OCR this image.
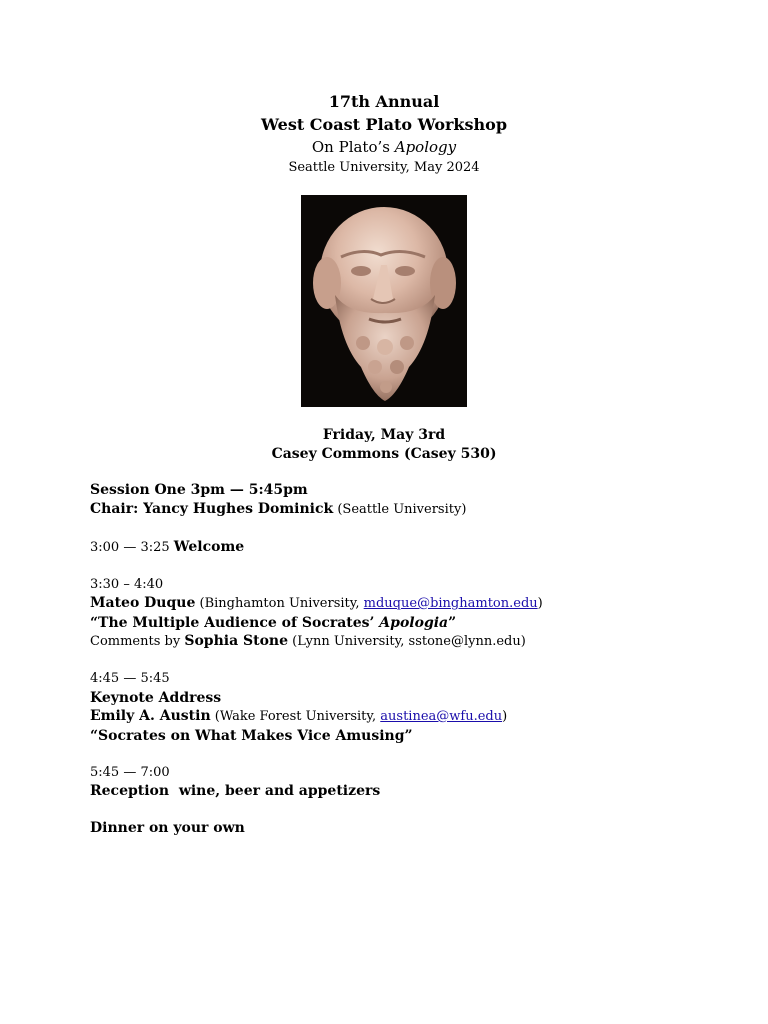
17th Annual
West Coast Plato Workshop
On Plato’s Apology
Seattle University, May 2024
Friday, May 3rd
Casey Commons (Casey 530)
Session One 3pm — 5:45pm
Chair: Yancy Hughes Dominick (Seattle University)
3:00 — 3:25 Welcome
3:30 – 4:40
Mateo Duque (Binghamton University, mduque@binghamton.edu)
“The Multiple Audience of Socrates’ Apologia”
Comments by Sophia Stone (Lynn University, sstone@lynn.edu)
4:45 — 5:45
Keynote Address
Emily A. Austin (Wake Forest University, austinea@wfu.edu)
“Socrates on What Makes Vice Amusing”
5:45 — 7:00
Reception  wine, beer and appetizers
Dinner on your own
